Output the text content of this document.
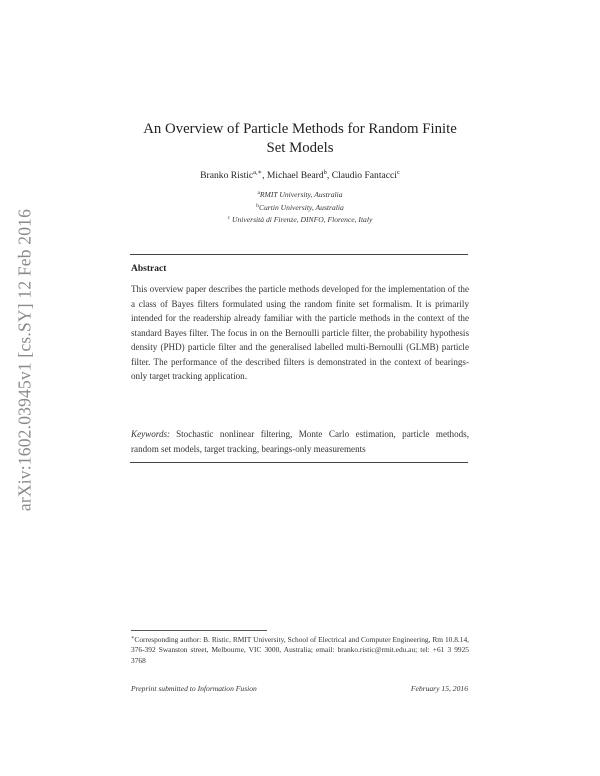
arXiv:1602.03945v1 [cs.SY] 12 Feb 2016
An Overview of Particle Methods for Random Finite
Set Models
Branko Ristic$^{a,∗}$, Michael Beard$^b$, Claudio Fantacci$^c$
$^a$RMIT University, Australia
$^b$Curtin University, Australia
$^c$ Università di Firenze, DINFO, Florence, Italy
Abstract
This overview paper describes the particle methods developed for the implementation of the a class of Bayes filters formulated using the random finite set formalism. It is primarily intended for the readership already familiar with the particle methods in the context of the standard Bayes filter. The focus in on the Bernoulli particle filter, the probability hypothesis density (PHD) particle filter and the generalised labelled multi-Bernoulli (GLMB) particle filter. The performance of the described filters is demonstrated in the context of bearings-only target tracking application.
Keywords: Stochastic nonlinear filtering, Monte Carlo estimation, particle methods, random set models, target tracking, bearings-only measurements
∗Corresponding author: B. Ristic, RMIT University, School of Electrical and Computer Engineering, Rm 10.8.14, 376-392 Swanston street, Melbourne, VIC 3000, Australia; email: branko.ristic@rmit.edu.au; tel: +61 3 9925 3768
Preprint submitted to Information Fusion	February 15, 2016
